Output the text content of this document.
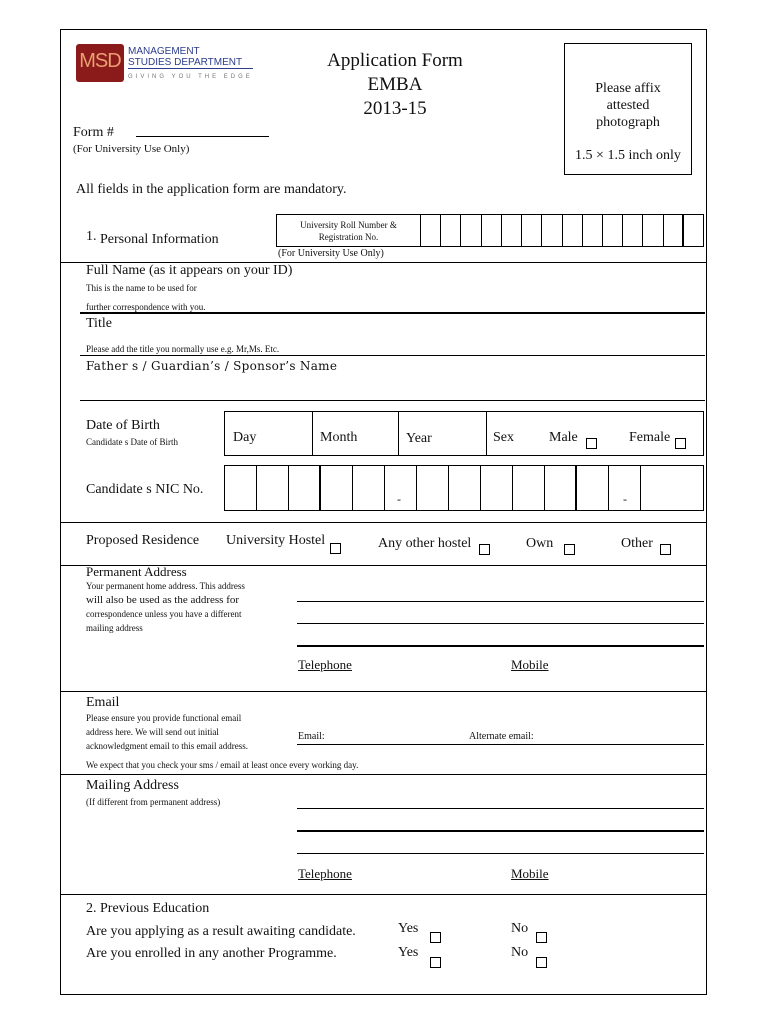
MSD MANAGEMENT
STUDIES DEPARTMENT
GIVING YOU THE EDGE
Application Form
EMBA
2013-15
Please affix
attested
photograph
1.5 × 1.5 inch only
Form #
(For University Use Only)
All fields in the application form are mandatory.
1. Personal Information
University Roll Number &
Registration No.
(For University Use Only)
Full Name (as it appears on your ID)
This is the name to be used for
further correspondence with you.
Title
Please add the title you normally use e.g. Mr,Ms. Etc.
Father s / Guardian’s / Sponsor’s Name
Date of Birth
Candidate s Date of Birth	Day	Month	Year	Sex	Male	Female
Candidate s NIC No.
-	-
Proposed Residence University Hostel	Any other hostel	Own	Other
Permanent Address
Your permanent home address. This address
will also be used as the address for
correspondence unless you have a different
mailing address
Telephone	Mobile
Email
Please ensure you provide functional email
address here. We will send out initial
acknowledgment email to this email address.
Email:	Alternate email:
We expect that you check your sms / email at least once every working day.
Mailing Address
(If different from permanent address)
Telephone	Mobile
2. Previous Education
Are you applying as a result awaiting candidate.	Yes	No
Are you enrolled in any another Programme.	Yes	No
